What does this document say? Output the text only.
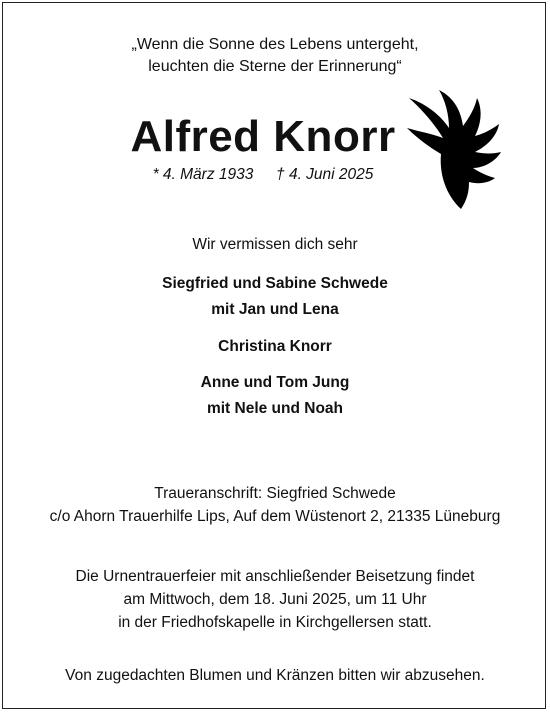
„Wenn die Sonne des Lebens untergeht,
leuchten die Sterne der Erinnerung“
Alfred Knorr
* 4. März 1933 † 4. Juni 2025
Wir vermissen dich sehr
Siegfried und Sabine Schwede
mit Jan und Lena
Christina Knorr
Anne und Tom Jung
mit Nele und Noah
Traueranschrift: Siegfried Schwede
c/o Ahorn Trauerhilfe Lips, Auf dem Wüstenort 2, 21335 Lüneburg
Die Urnentrauerfeier mit anschließender Beisetzung findet
am Mittwoch, dem 18. Juni 2025, um 11 Uhr
in der Friedhofskapelle in Kirchgellersen statt.
Von zugedachten Blumen und Kränzen bitten wir abzusehen.
